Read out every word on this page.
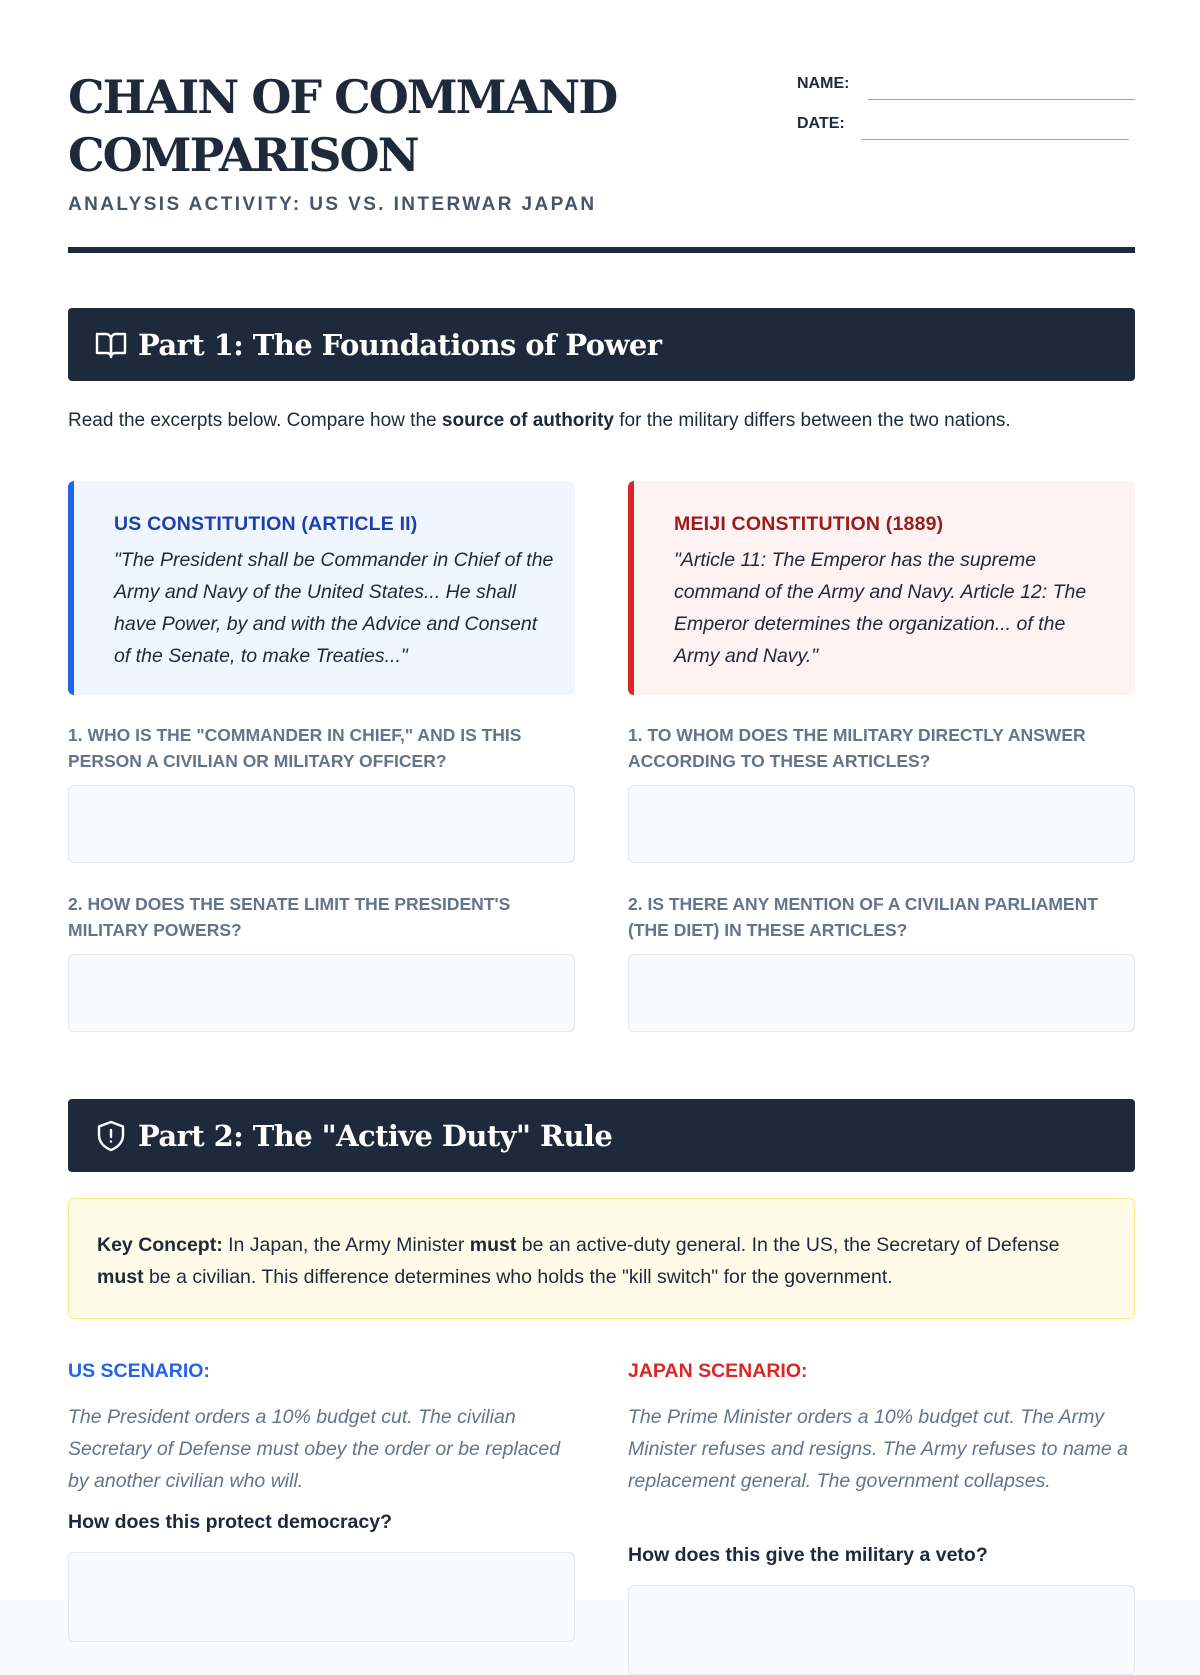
CHAIN OF COMMAND
COMPARISON
ANALYSIS ACTIVITY: US VS. INTERWAR JAPAN
NAME:
DATE:
Part 1: The Foundations of Power
Read the excerpts below. Compare how the source of authority for the military differs between the two nations.
US CONSTITUTION (ARTICLE II)
"The President shall be Commander in Chief of the Army and Navy of the United States... He shall have Power, by and with the Advice and Consent of the Senate, to make Treaties..."
MEIJI CONSTITUTION (1889)
"Article 11: The Emperor has the supreme command of the Army and Navy. Article 12: The Emperor determines the organization... of the Army and Navy."
1. WHO IS THE "COMMANDER IN CHIEF," AND IS THIS PERSON A CIVILIAN OR MILITARY OFFICER?
1. TO WHOM DOES THE MILITARY DIRECTLY ANSWER ACCORDING TO THESE ARTICLES?
2. HOW DOES THE SENATE LIMIT THE PRESIDENT'S MILITARY POWERS?
2. IS THERE ANY MENTION OF A CIVILIAN PARLIAMENT (THE DIET) IN THESE ARTICLES?
Part 2: The "Active Duty" Rule
Key Concept: In Japan, the Army Minister must be an active-duty general. In the US, the Secretary of Defense must be a civilian. This difference determines who holds the "kill switch" for the government.
US SCENARIO:
The President orders a 10% budget cut. The civilian Secretary of Defense must obey the order or be replaced by another civilian who will.
How does this protect democracy?
JAPAN SCENARIO:
The Prime Minister orders a 10% budget cut. The Army Minister refuses and resigns. The Army refuses to name a replacement general. The government collapses.
How does this give the military a veto?
